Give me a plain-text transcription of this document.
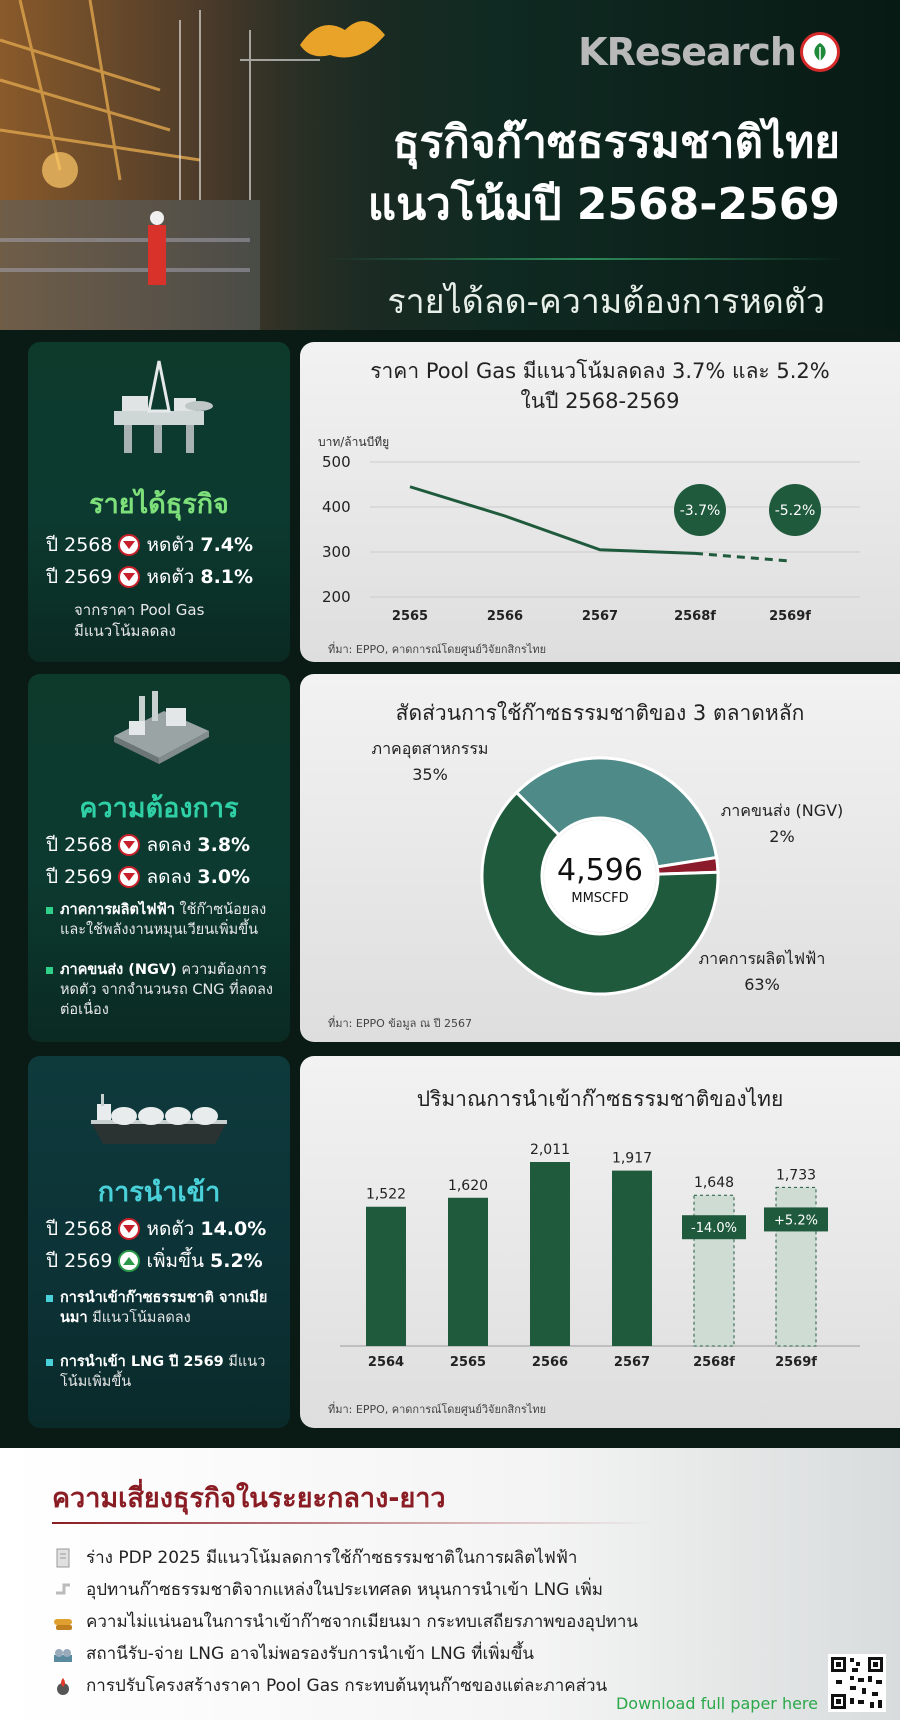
KResearch
ธุรกิจก๊าซธรรมชาติไทย
แนวโน้มปี 2568-2569
รายได้ลด-ความต้องการหดตัว
รายได้ธุรกิจ
ปี 2568 หดตัว 7.4%
ปี 2569 หดตัว 8.1%
จากราคา Pool Gas
มีแนวโน้มลดลง
ราคา Pool Gas มีแนวโน้มลดลง 3.7% และ 5.2%
ในปี 2568-2569
บาท/ล้านบีทียู
500
400
300
200
2565	2566	2567	2568f	2569f
-3.7%	-5.2%
ที่มา: EPPO, คาดการณ์โดยศูนย์วิจัยกสิกรไทย
ความต้องการ
ปี 2568 ลดลง 3.8%
ปี 2569 ลดลง 3.0%
ภาคการผลิตไฟฟ้า ใช้ก๊าซน้อยลง และใช้พลังงานหมุนเวียนเพิ่มขึ้น
ภาคขนส่ง (NGV) ความต้องการ หดตัว จากจำนวนรถ CNG ที่ลดลงต่อเนื่อง
สัดส่วนการใช้ก๊าซธรรมชาติของ 3 ตลาดหลัก
4,596
MMSCFD
ภาคอุตสาหกรรม
35%
ภาคขนส่ง (NGV)
2%
ภาคการผลิตไฟฟ้า
63%
ที่มา: EPPO ข้อมูล ณ ปี 2567
การนำเข้า
ปี 2568 หดตัว 14.0%
ปี 2569 เพิ่มขึ้น 5.2%
การนำเข้าก๊าซธรรมชาติ จากเมียนมา มีแนวโน้มลดลง
การนำเข้า LNG ปี 2569 มีแนวโน้มเพิ่มขึ้น
ปริมาณการนำเข้าก๊าซธรรมชาติของไทย
1,522
2564
1,620
2565
2,011
2566
1,917
2567
1,648
2568f
-14.0%
1,733
2569f
+5.2%
ที่มา: EPPO, คาดการณ์โดยศูนย์วิจัยกสิกรไทย
ความเสี่ยงธุรกิจในระยะกลาง-ยาว
ร่าง PDP 2025 มีแนวโน้มลดการใช้ก๊าซธรรมชาติในการผลิตไฟฟ้า
อุปทานก๊าซธรรมชาติจากแหล่งในประเทศลด หนุนการนำเข้า LNG เพิ่ม
ความไม่แน่นอนในการนำเข้าก๊าซจากเมียนมา กระทบเสถียรภาพของอุปทาน
สถานีรับ-จ่าย LNG อาจไม่พอรองรับการนำเข้า LNG ที่เพิ่มขึ้น
การปรับโครงสร้างราคา Pool Gas กระทบต้นทุนก๊าซของแต่ละภาคส่วน
Download full paper here
